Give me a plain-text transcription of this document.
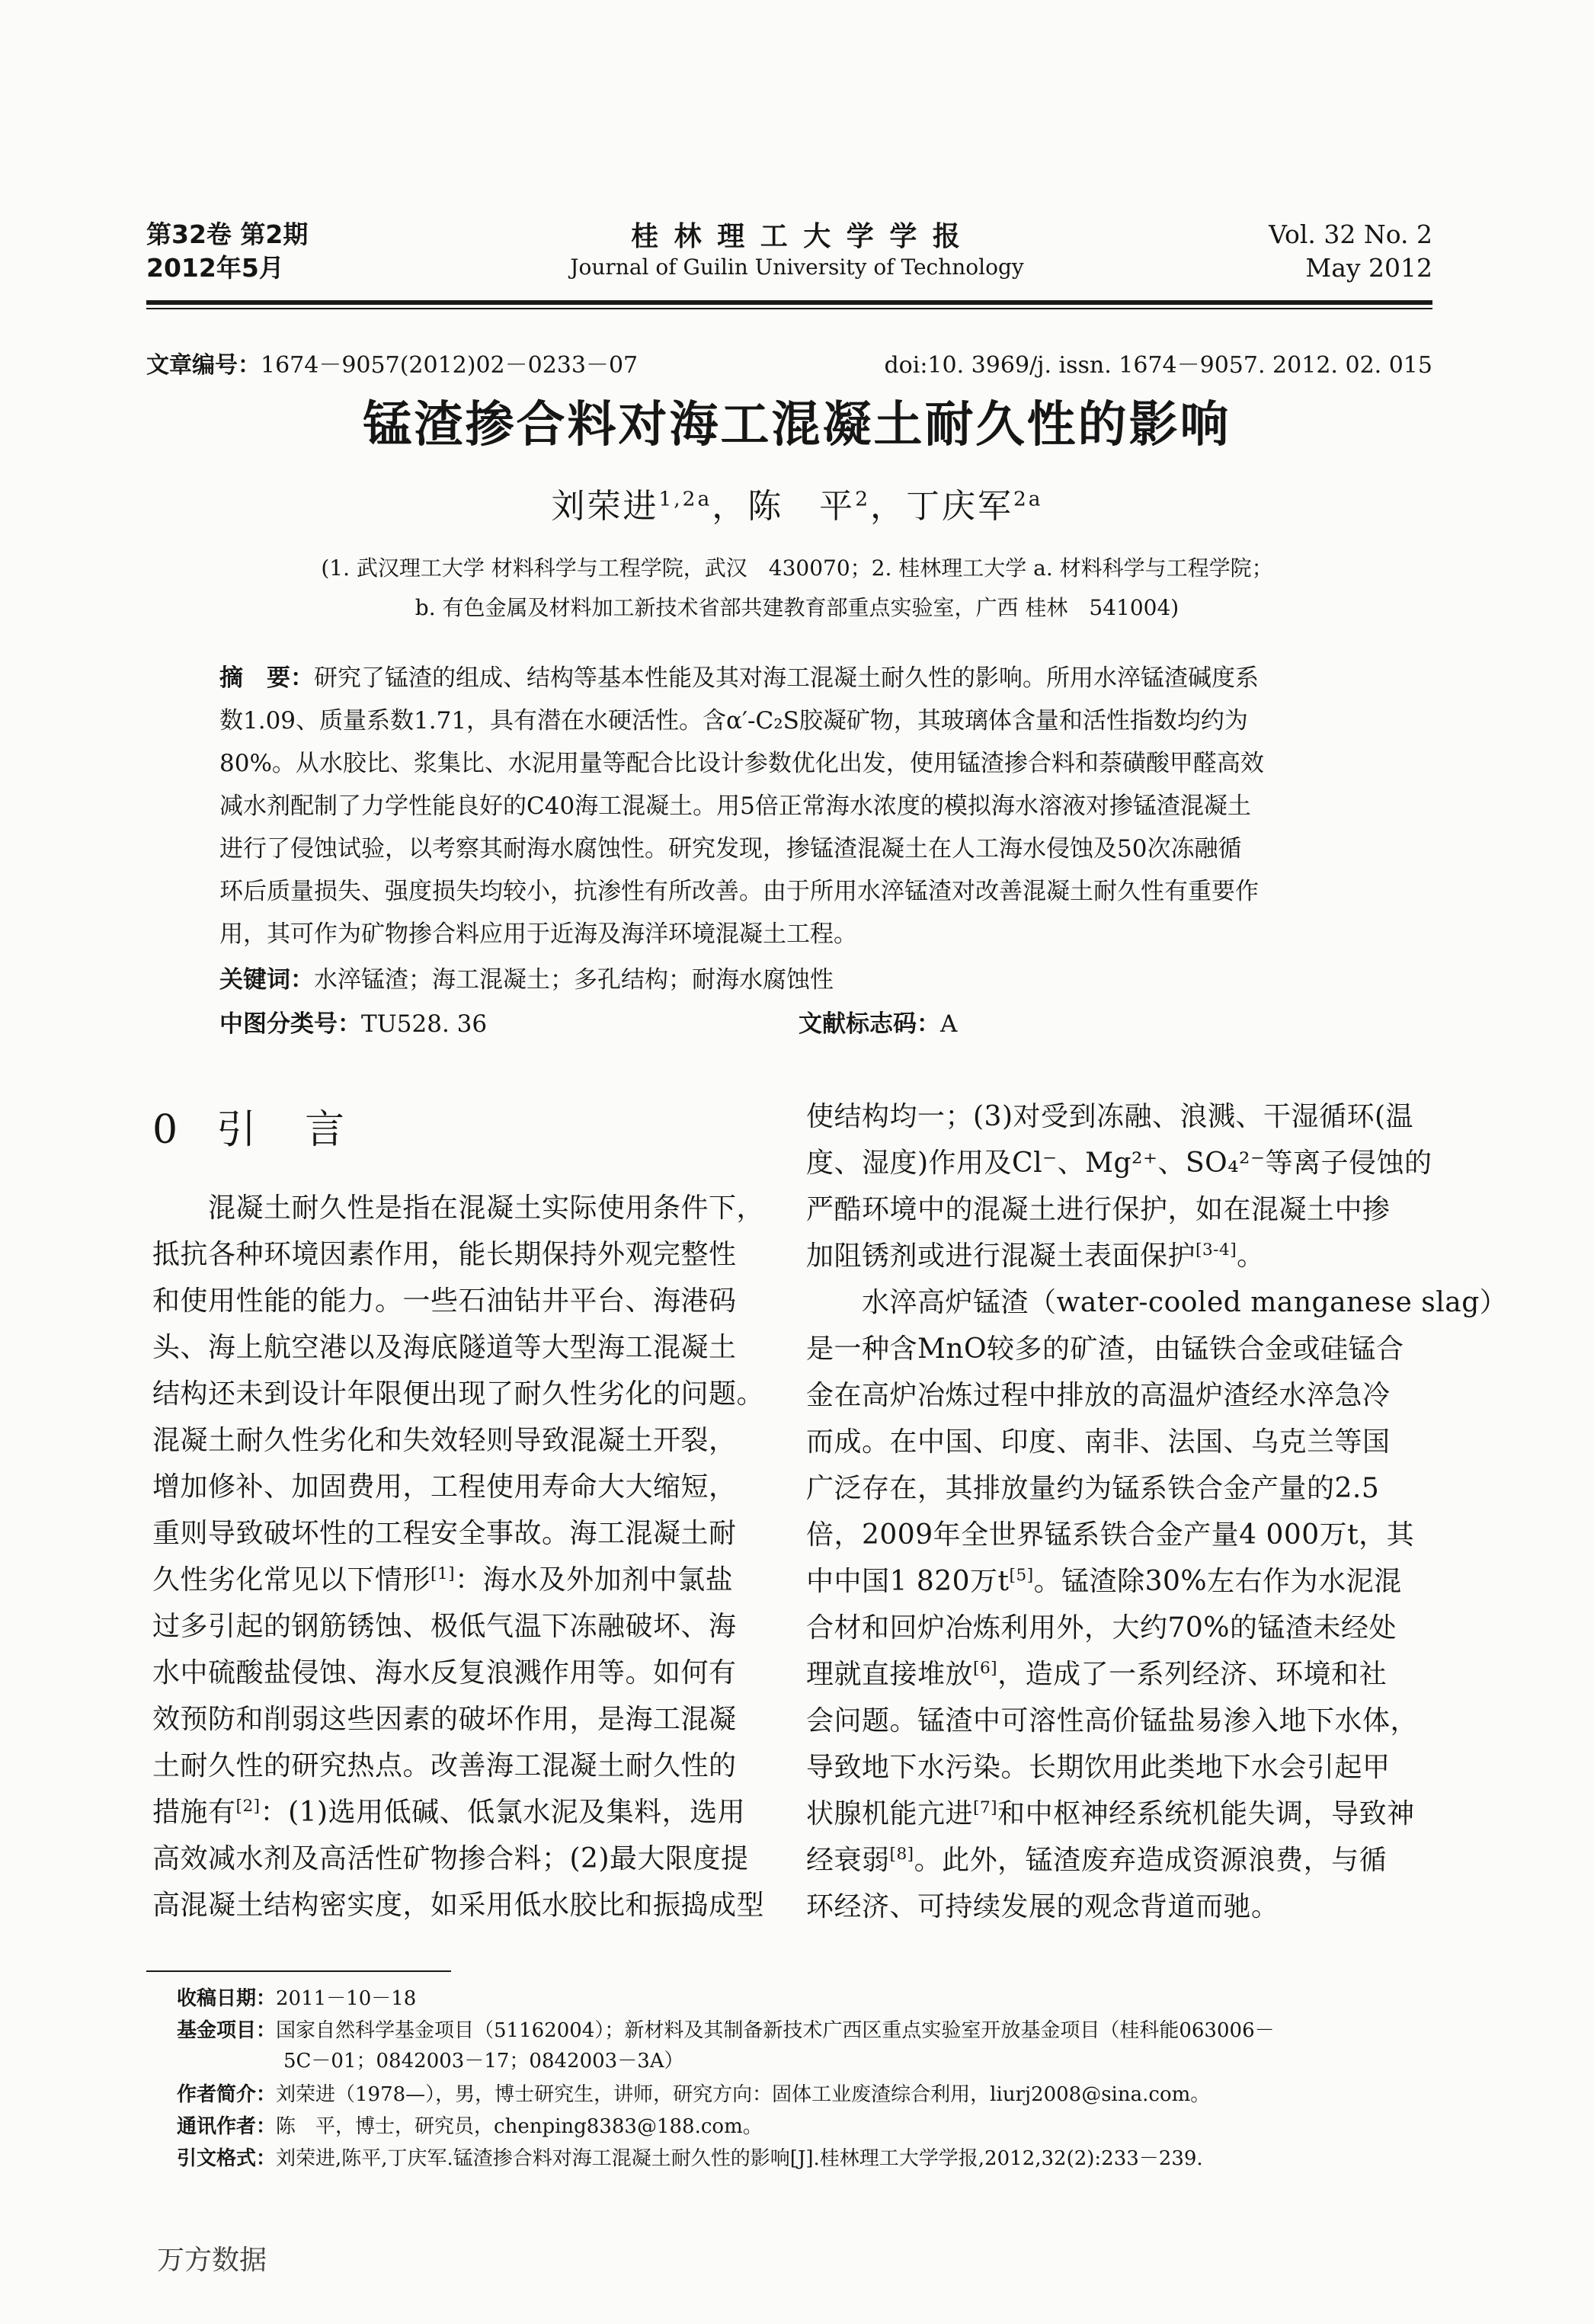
第32卷 第2期
2012年5月
桂 林 理 工 大 学 学 报
Journal of Guilin University of Technology
Vol. 32 No. 2
May 2012
文章编号：1674－9057(2012)02－0233－07	doi:10. 3969/j. issn. 1674－9057. 2012. 02. 015
锰渣掺合料对海工混凝土耐久性的影响
刘荣进$^{1,2a}$，陈　平$^2$，丁庆军$^{2a}$
(1. 武汉理工大学 材料科学与工程学院，武汉　430070；2. 桂林理工大学 a. 材料科学与工程学院；
b. 有色金属及材料加工新技术省部共建教育部重点实验室，广西 桂林　541004)
摘　要：研究了锰渣的组成、结构等基本性能及其对海工混凝土耐久性的影响。所用水淬锰渣碱度系
数1.09、质量系数1.71，具有潜在水硬活性。含α′-C₂S胶凝矿物，其玻璃体含量和活性指数均约为
80%。从水胶比、浆集比、水泥用量等配合比设计参数优化出发，使用锰渣掺合料和萘磺酸甲醛高效
减水剂配制了力学性能良好的C40海工混凝土。用5倍正常海水浓度的模拟海水溶液对掺锰渣混凝土
进行了侵蚀试验，以考察其耐海水腐蚀性。研究发现，掺锰渣混凝土在人工海水侵蚀及50次冻融循
环后质量损失、强度损失均较小，抗渗性有所改善。由于所用水淬锰渣对改善混凝土耐久性有重要作
用，其可作为矿物掺合料应用于近海及海洋环境混凝土工程。
关键词：水淬锰渣；海工混凝土；多孔结构；耐海水腐蚀性
中图分类号：TU528. 36	文献标志码：A
0 引　言
　　混凝土耐久性是指在混凝土实际使用条件下，
抵抗各种环境因素作用，能长期保持外观完整性
和使用性能的能力。一些石油钻井平台、海港码
头、海上航空港以及海底隧道等大型海工混凝土
结构还未到设计年限便出现了耐久性劣化的问题。
混凝土耐久性劣化和失效轻则导致混凝土开裂，
增加修补、加固费用，工程使用寿命大大缩短，
重则导致破坏性的工程安全事故。海工混凝土耐
久性劣化常见以下情形[1]：海水及外加剂中氯盐
过多引起的钢筋锈蚀、极低气温下冻融破坏、海
水中硫酸盐侵蚀、海水反复浪溅作用等。如何有
效预防和削弱这些因素的破坏作用，是海工混凝
土耐久性的研究热点。改善海工混凝土耐久性的
措施有[2]：(1)选用低碱、低氯水泥及集料，选用
高效减水剂及高活性矿物掺合料；(2)最大限度提
高混凝土结构密实度，如采用低水胶比和振捣成型
使结构均一；(3)对受到冻融、浪溅、干湿循环(温
度、湿度)作用及Cl⁻、Mg²⁺、SO₄²⁻等离子侵蚀的
严酷环境中的混凝土进行保护，如在混凝土中掺
加阻锈剂或进行混凝土表面保护[3-4]。
　　水淬高炉锰渣（water-cooled manganese slag）
是一种含MnO较多的矿渣，由锰铁合金或硅锰合
金在高炉冶炼过程中排放的高温炉渣经水淬急冷
而成。在中国、印度、南非、法国、乌克兰等国
广泛存在，其排放量约为锰系铁合金产量的2.5
倍，2009年全世界锰系铁合金产量4 000万t，其
中中国1 820万t[5]。锰渣除30%左右作为水泥混
合材和回炉冶炼利用外，大约70%的锰渣未经处
理就直接堆放[6]，造成了一系列经济、环境和社
会问题。锰渣中可溶性高价锰盐易渗入地下水体，
导致地下水污染。长期饮用此类地下水会引起甲
状腺机能亢进[7]和中枢神经系统机能失调，导致神
经衰弱[8]。此外，锰渣废弃造成资源浪费，与循
环经济、可持续发展的观念背道而驰。
收稿日期：2011－10－18
基金项目：国家自然科学基金项目（51162004）；新材料及其制备新技术广西区重点实验室开放基金项目（桂科能063006－
5C－01；0842003－17；0842003－3A）
作者简介：刘荣进（1978—），男，博士研究生，讲师，研究方向：固体工业废渣综合利用，liurj2008@sina.com。
通讯作者：陈　平，博士，研究员，chenping8383@188.com。
引文格式：刘荣进,陈平,丁庆军.锰渣掺合料对海工混凝土耐久性的影响[J].桂林理工大学学报,2012,32(2):233－239.
万方数据
